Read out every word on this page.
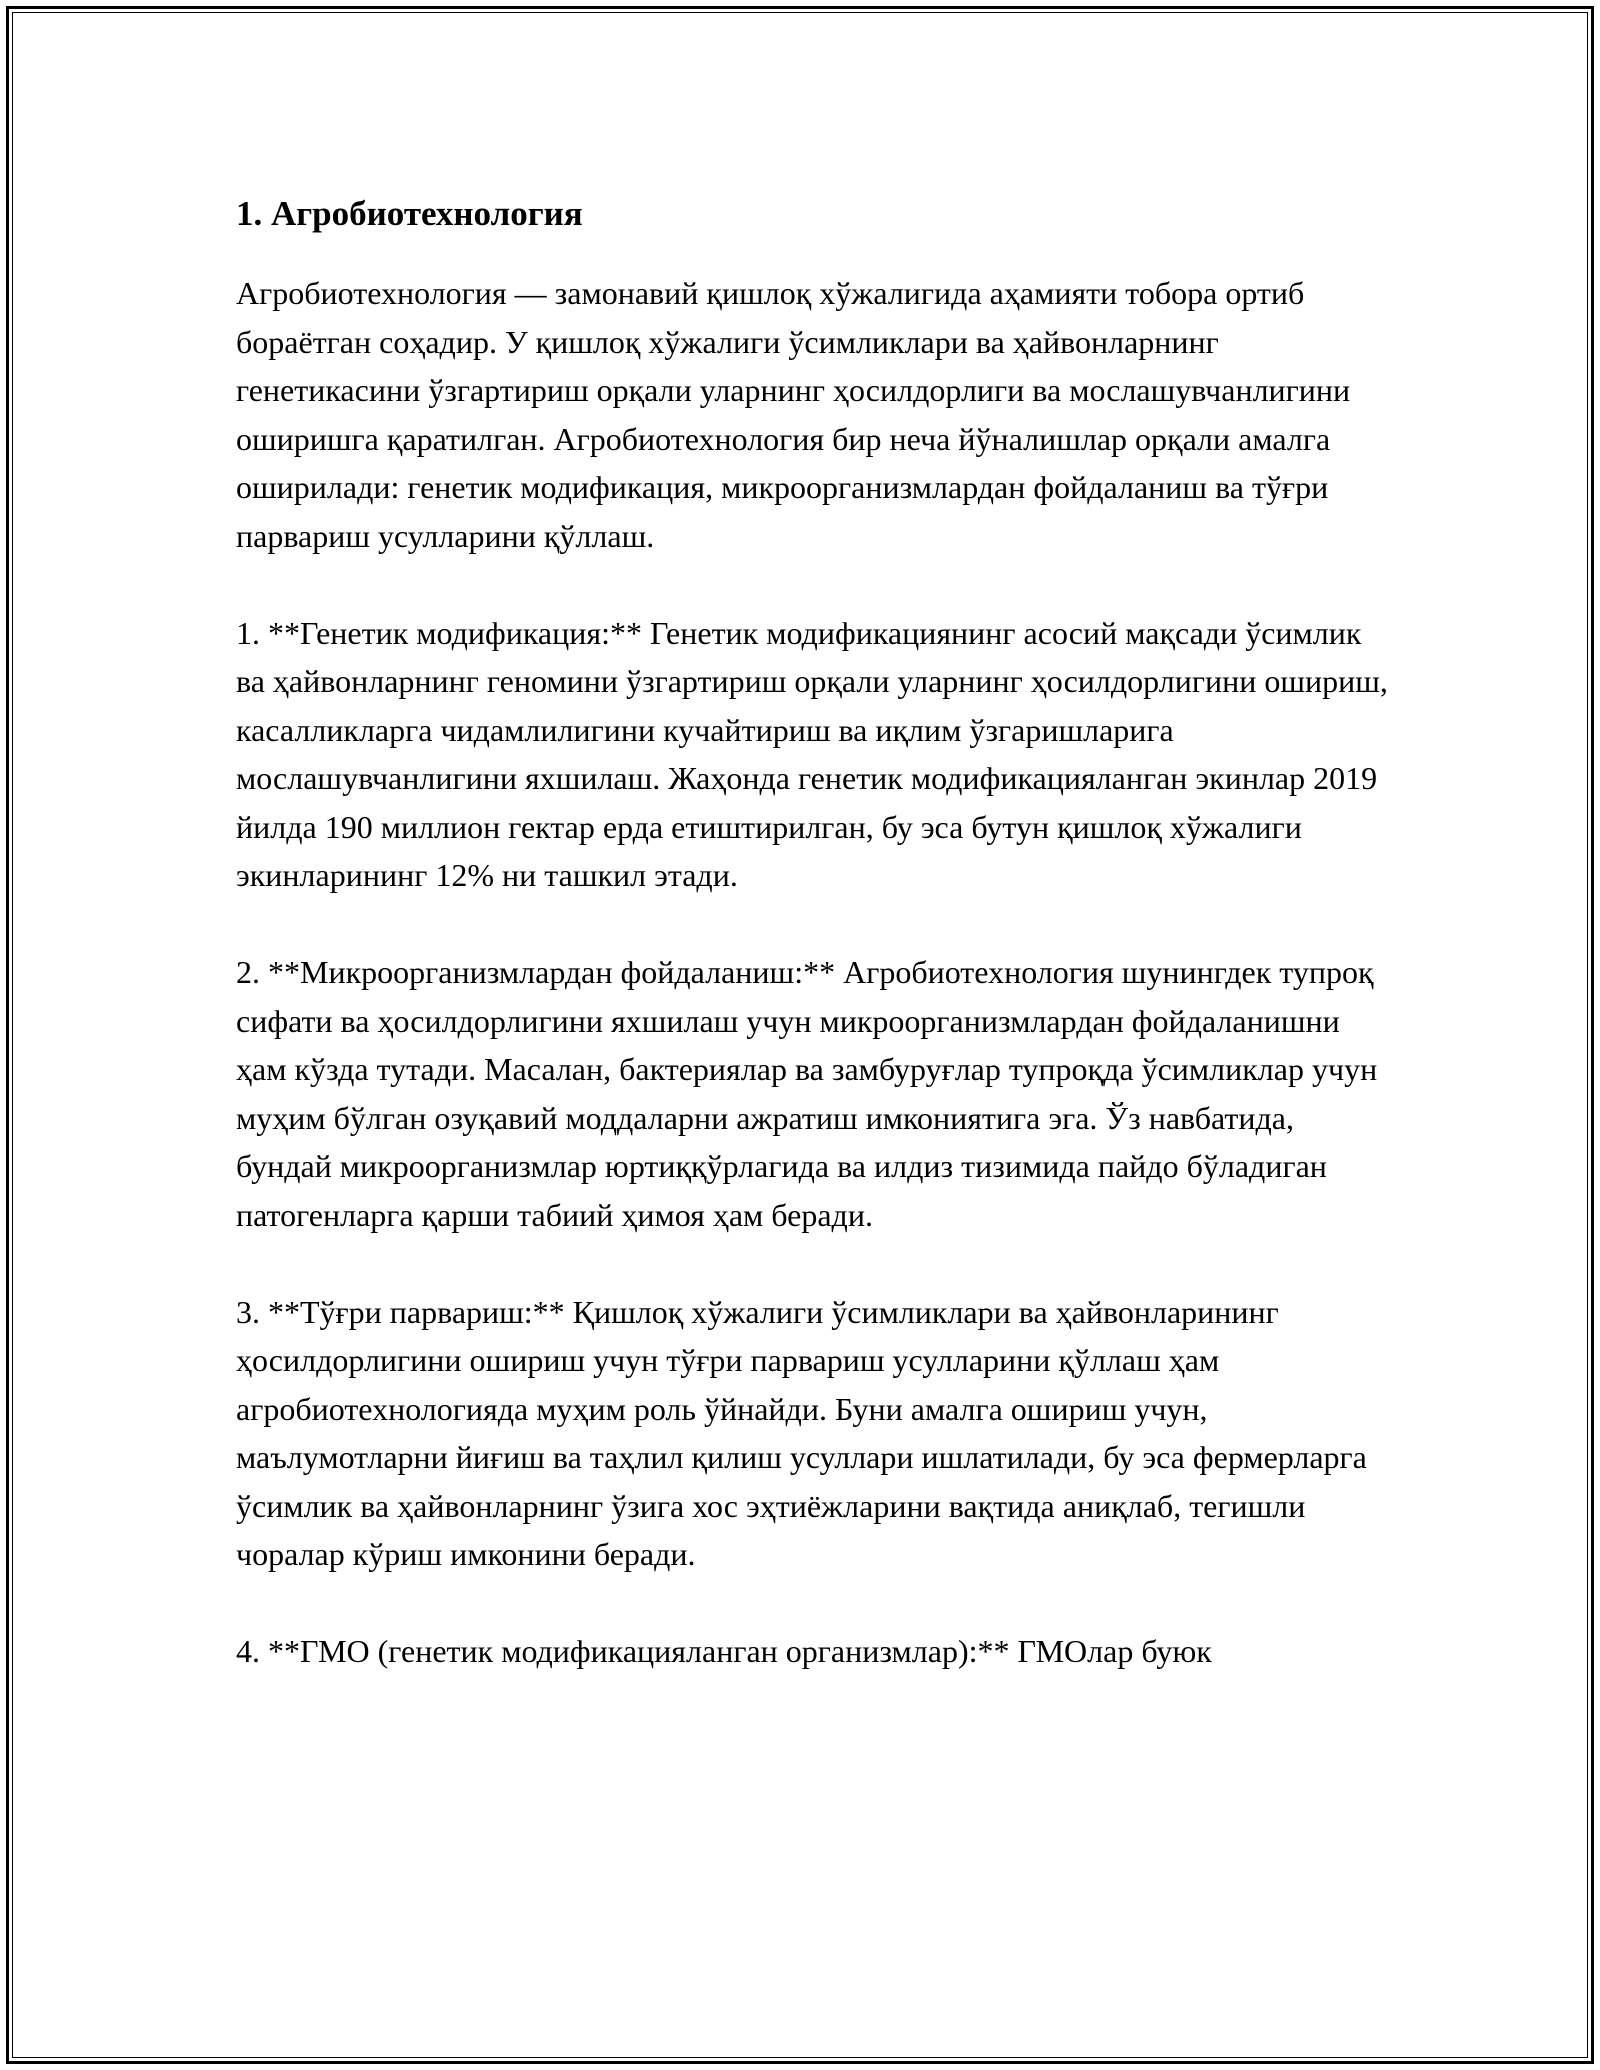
1. Агробиотехнология

Агробиотехнология — замонавий қишлоқ хўжалигида аҳамияти тобора ортиб бораётган соҳадир. У қишлоқ хўжалиги ўсимликлари ва ҳайвонларнинг генетикасини ўзгартириш орқали уларнинг ҳосилдорлиги ва мослашувчанлигини оширишга қаратилган. Агробиотехнология бир неча йўналишлар орқали амалга оширилади: генетик модификация, микроорганизмлардан фойдаланиш ва тўғри парвариш усулларини қўллаш.

1. **Генетик модификация:** Генетик модификациянинг асосий мақсади ўсимлик ва ҳайвонларнинг геномини ўзгартириш орқали уларнинг ҳосилдорлигини ошириш, касалликларга чидамлилигини кучайтириш ва иқлим ўзгаришларига мослашувчанлигини яхшилаш. Жаҳонда генетик модификацияланган экинлар 2019 йилда 190 миллион гектар ерда етиштирилган, бу эса бутун қишлоқ хўжалиги экинларининг 12% ни ташкил этади.

2. **Микроорганизмлардан фойдаланиш:** Агробиотехнология шунингдек тупроқ сифати ва ҳосилдорлигини яхшилаш учун микроорганизмлардан фойдаланишни ҳам кўзда тутади. Масалан, бактериялар ва замбуруғлар тупроқда ўсимликлар учун муҳим бўлган озуқавий моддаларни ажратиш имкониятига эга. Ўз навбатида, бундай микроорганизмлар юртиққўрлагида ва илдиз тизимида пайдо бўладиган патогенларга қарши табиий ҳимоя ҳам беради.

3. **Тўғри парвариш:** Қишлоқ хўжалиги ўсимликлари ва ҳайвонларининг ҳосилдорлигини ошириш учун тўғри парвариш усулларини қўллаш ҳам агробиотехнологияда муҳим роль ўйнайди. Буни амалга ошириш учун, маълумотларни йиғиш ва таҳлил қилиш усуллари ишлатилади, бу эса фермерларга ўсимлик ва ҳайвонларнинг ўзига хос эҳтиёжларини вақтида аниқлаб, тегишли чоралар кўриш имконини беради.

4. **ГМО (генетик модификацияланган организмлар):** ГМОлар буюк
